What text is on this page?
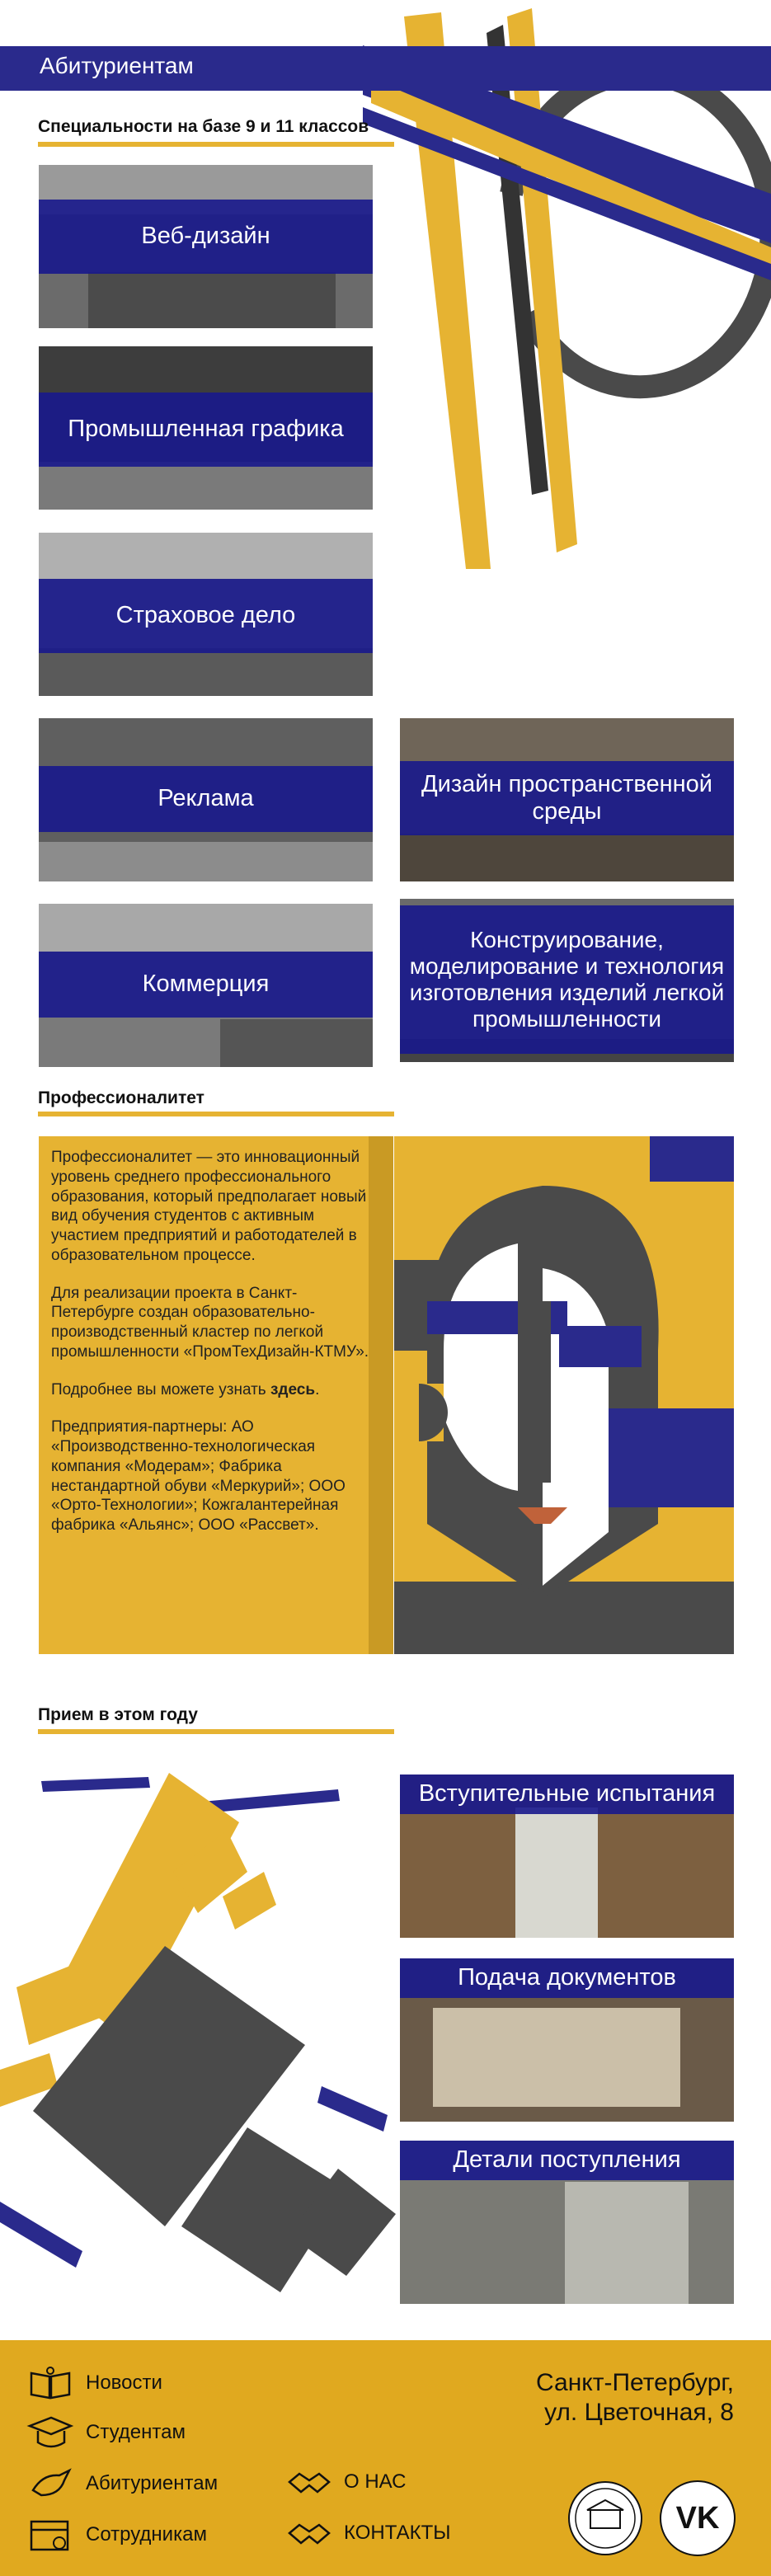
Абитуриентам
Специальности на базе 9 и 11 классов
Веб-дизайн
Промышленная графика
Страховое дело
Реклама
Дизайн пространственной среды
Коммерция
Конструирование, моделирование и технология изготовления изделий легкой промышленности
Профессионалитет

Профессионалитет — это инновационный уровень среднего профессионального образования, который предполагает новый вид обучения студентов с активным участием предприятий и работодателей в образовательном процессе.

Для реализации проекта в Санкт-Петербурге создан образовательно-производственный кластер по легкой промышленности «ПромТехДизайн-КТМУ».

Подробнее вы можете узнать здесь.

Предприятия-партнеры: АО «Производственно-технологическая компания «Модерам»; Фабрика нестандартной обуви «Меркурий»; ООО «Орто-Технологии»; Кожгалантерейная фабрика «Альянс»; ООО «Рассвет».

Прием в этом году
Вступительные испытания
Подача документов
Детали поступления
Новости
Студентам
Абитуриентам
Сотрудникам
О НАС
КОНТАКТЫ
Санкт-Петербург,
ул. Цветочная, 8
VK
